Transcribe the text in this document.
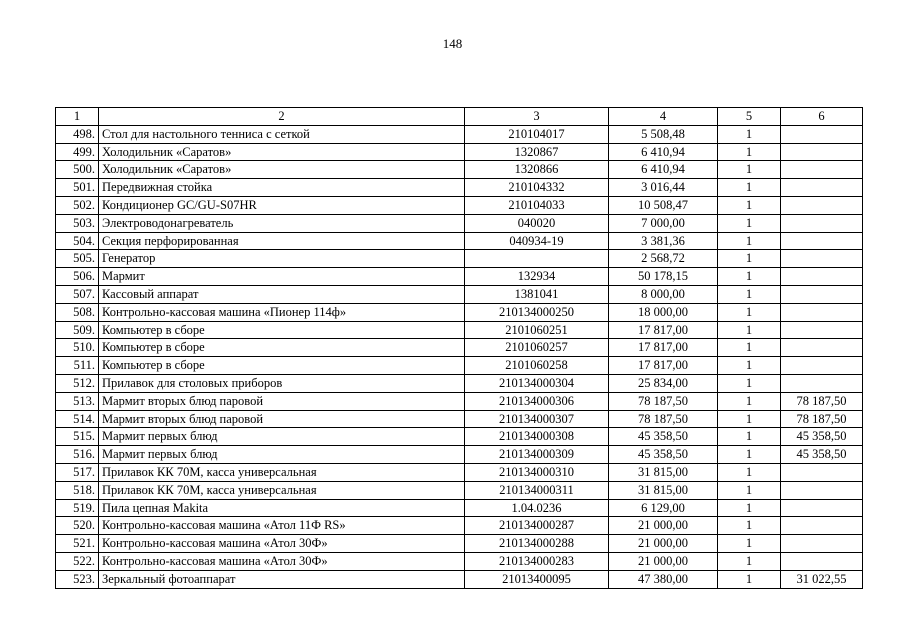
148
1	2	3	4	5	6
498.	Стол для настольного тенниса с сеткой	210104017	5 508,48	1	
499.	Холодильник «Саратов»	1320867	6 410,94	1	
500.	Холодильник «Саратов»	1320866	6 410,94	1	
501.	Передвижная стойка	210104332	3 016,44	1	
502.	Кондиционер GC/GU-S07HR	210104033	10 508,47	1	
503.	Электроводонагреватель	040020	7 000,00	1	
504.	Секция перфорированная	040934-19	3 381,36	1	
505.	Генератор		2 568,72	1	
506.	Мармит	132934	50 178,15	1	
507.	Кассовый аппарат	1381041	8 000,00	1	
508.	Контрольно-кассовая машина «Пионер 114ф»	210134000250	18 000,00	1	
509.	Компьютер в сборе	2101060251	17 817,00	1	
510.	Компьютер в сборе	2101060257	17 817,00	1	
511.	Компьютер в сборе	2101060258	17 817,00	1	
512.	Прилавок для столовых приборов	210134000304	25 834,00	1	
513.	Мармит вторых блюд паровой	210134000306	78 187,50	1	78 187,50
514.	Мармит вторых блюд паровой	210134000307	78 187,50	1	78 187,50
515.	Мармит первых блюд	210134000308	45 358,50	1	45 358,50
516.	Мармит первых блюд	210134000309	45 358,50	1	45 358,50
517.	Прилавок КК 70М, касса универсальная	210134000310	31 815,00	1	
518.	Прилавок КК 70М, касса универсальная	210134000311	31 815,00	1	
519.	Пила цепная Makita	1.04.0236	6 129,00	1	
520.	Контрольно-кассовая машина «Атол 11Ф RS»	210134000287	21 000,00	1	
521.	Контрольно-кассовая машина «Атол 30Ф»	210134000288	21 000,00	1	
522.	Контрольно-кассовая машина «Атол 30Ф»	210134000283	21 000,00	1	
523.	Зеркальный фотоаппарат	21013400095	47 380,00	1	31 022,55
